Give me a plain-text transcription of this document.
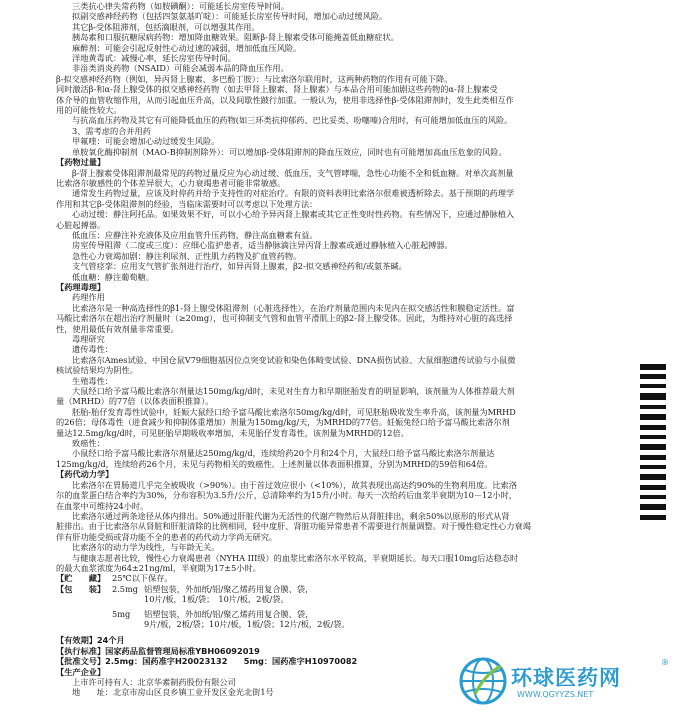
三类抗心律失常药物（如胺碘酮）：可能延长房室传导时间。
拟副交感神经药物（包括四氢氨基吖啶）：可能延长房室传导时间，增加心动过缓风险。
其它β-受体阻滞剂，包括滴眼剂，可以增强其作用。
胰岛素和口服抗糖尿病药物：增加降血糖效果。阻断β-肾上腺素受体可能掩盖低血糖症状。
麻醉剂：可能会引起反射性心动过速的减弱，增加低血压风险。
洋地黄毒甙：减慢心率，延长房室传导时间。
非甾类消炎药物（NSAID）可能会减弱本品的降血压作用。
β-拟交感神经药物（例如，异丙肾上腺素、多巴酚丁胺）：与比索洛尔联用时，这两种药物的作用有可能下降。
同时激活β-和α-肾上腺受体的拟交感神经药物（如去甲肾上腺素、肾上腺素）与本品合用可能加剧这些药物的α-肾上腺素受
体介导的血管收缩作用，从而引起血压升高，以及间歇性跛行加重。一般认为，使用非选择性β-受体阻滞剂时，发生此类相互作
用的可能性较大。
与抗高血压药物及其它有可能降低血压的药物(如三环类抗抑郁药、巴比妥类、吩噻嗪)合用时，有可能增加低血压的风险。
3、需考虑的合并用药
甲氟喹：可能会增加心动过缓发生风险。
单胺氧化酶抑制剂（MAO-B抑制剂除外）：可以增加β-受体阻滞剂的降血压效应，同时也有可能增加高血压危象的风险。
【药物过量】
β-肾上腺素受体阻滞剂最常见的药物过量反应为心动过缓、低血压，支气管哮喘，急性心功能不全和低血糖。对单次高剂量
比索洛尔敏感性的个体差异很大，心力衰竭患者可能非常敏感。
通常发生药物过量，应该及时停药并给予支持性的对症治疗。有限的资料表明比索洛尔很难被透析除去。基于预期的药理学
作用和其它β-受体阻滞剂的经验，当临床需要时可以考虑以下处理方法：
心动过缓：静注阿托品。如果效果不好，可以小心给予异丙肾上腺素或其它正性变时性药物。有些情况下，应通过静脉植入
心脏起搏器。
低血压：应静注补充液体及应用血管升压药物，静注高血糖素有益。
房室传导阻滞（二度或三度）：应细心监护患者，适当静脉滴注异丙肾上腺素或通过静脉植入心脏起搏器。
急性心力衰竭加剧：静注利尿剂、正性肌力药物及扩血管药物。
支气管痉挛：应用支气管扩张剂进行治疗，如异丙肾上腺素，β2-拟交感神经药和/或氨茶碱。
低血糖：静注葡萄糖。
【药理毒理】
药理作用
比索洛尔是一种高选择性的β1-肾上腺受体阻滞剂（心脏选择性），在治疗剂量范围内未见内在拟交感活性和膜稳定活性。富
马酸比索洛尔在超出治疗剂量时（≥20mg），也可抑制支气管和血管平滑肌上的β2-肾上腺受体。因此，为维持对心脏的高选择
性，使用最低有效剂量非常重要。
毒理研究
遗传毒性：
比索洛尔Ames试验、中国仓鼠V79细胞基因位点突变试验和染色体畸变试验、DNA损伤试验、大鼠细胞遗传试验与小鼠微
核试验结果均为阴性。
生殖毒性：
大鼠经口给予富马酸比索洛尔剂量达150mg/kg/d时，未见对生育力和早期胚胎发育的明显影响，该剂量为人体推荐最大剂
量（MRHD）的77倍（以体表面积推算）。
胚胎-胎仔发育毒性试验中，妊娠大鼠经口给予富马酸比索洛尔50mg/kg/d时，可见胚胎吸收发生率升高，该剂量为MRHD
的26倍；母体毒性（进食减少和抑制体重增加）剂量为150mg/kg/天，为MRHD的77倍。妊娠兔经口给予富马酸比索洛尔剂
量达12.5mg/kg/d时，可见胚胎早期吸收率增加，未见胎仔发育毒性，该剂量为MRHD的12倍。
致癌性：
小鼠经口给予富马酸比索洛尔剂量达250mg/kg/d，连续给药20个月和24个月，大鼠经口给予富马酸比索洛尔剂量达
125mg/kg/d，连续给药26个月，未见与药物相关的致癌性。上述剂量以体表面积推算，分别为MRHD的59倍和64倍。
【药代动力学】
比索洛尔在胃肠道几乎完全被吸收（>90%）。由于首过效应很小（<10%），故其表现出高达约90%的生物利用度。比索洛
尔的血浆蛋白结合率约为30%，分布容积为3.5升/公斤，总清除率约为15升/小时。每天一次给药后血浆半衰期为10－12小时，
在血浆中可维持24小时。
比索洛尔通过两条途径从体内排出。50%通过肝脏代谢为无活性的代谢产物然后从肾脏排出，剩余50%以原形的形式从肾
脏排出。由于比索洛尔从肾脏和肝脏清除的比例相同，轻中度肝、肾脏功能异常患者不需要进行剂量调整。对于慢性稳定性心力衰竭
伴有肝功能受损或肾功能不全的患者的药代动力学尚无研究。
比索洛尔的动力学为线性，与年龄无关。
与健康志愿者比较，慢性心力衰竭患者（NYHA III级）的血浆比索洛尔水平较高，半衰期延长。每天口服10mg后达稳态时
的最大血浆浓度为64±21ng/ml，半衰期为17±5小时。
【贮　　藏】 25℃以下保存。
【包　　装】 2.5mg 铝塑包装，外加纸/铝/聚乙烯药用复合膜、袋，
10片/板，1板/袋；　10片/板，2板/袋。
5mg	铝塑包装，外加纸/铝/聚乙烯药用复合膜、袋，
9片/板，2板/袋；10片/板，1板/袋；12片/板，2板/袋。
【有效期】24个月
【执行标准】国家药品监督管理局标准YBH06092019
【批准文号】2.5mg：国药准字H20023132　　5mg：国药准字H10970082
【生产企业】
上市许可持有人：北京华素制药股份有限公司
地　　址：北京市房山区良乡镇工业开发区金光北街1号
环球医药网
®
WWW.QGYYZS.NET
